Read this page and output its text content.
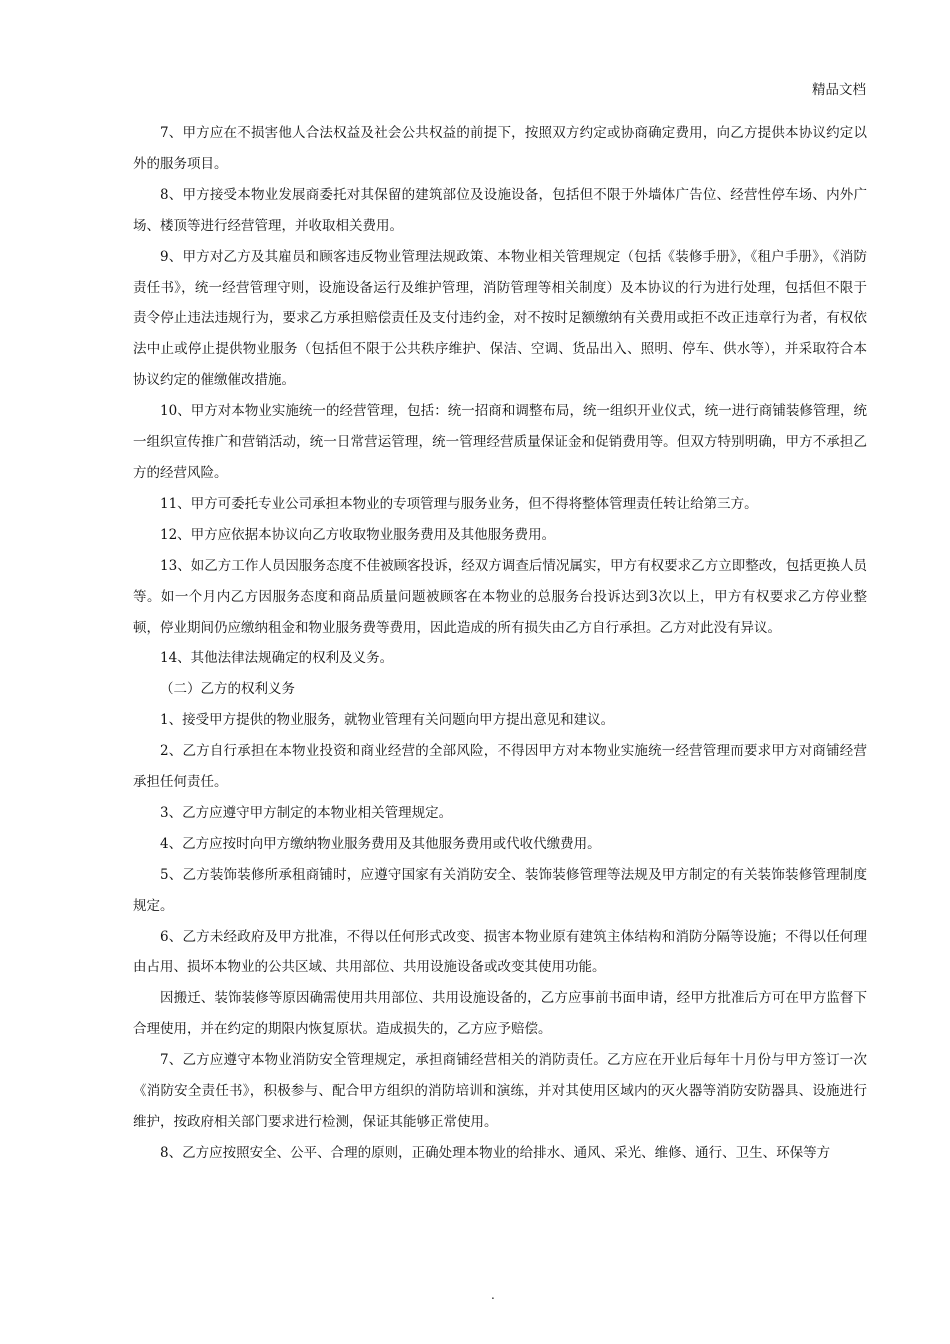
精品文档

7、甲方应在不损害他人合法权益及社会公共权益的前提下，按照双方约定或协商确定费用，向乙方提供本协议约定以外的服务项目。

8、甲方接受本物业发展商委托对其保留的建筑部位及设施设备，包括但不限于外墙体广告位、经营性停车场、内外广场、楼顶等进行经营管理，并收取相关费用。

9、甲方对乙方及其雇员和顾客违反物业管理法规政策、本物业相关管理规定（包括《装修手册》，《租户手册》，《消防责任书》，统一经营管理守则，设施设备运行及维护管理，消防管理等相关制度）及本协议的行为进行处理，包括但不限于责令停止违法违规行为，要求乙方承担赔偿责任及支付违约金，对不按时足额缴纳有关费用或拒不改正违章行为者，有权依法中止或停止提供物业服务（包括但不限于公共秩序维护、保洁、空调、货品出入、照明、停车、供水等），并采取符合本协议约定的催缴催改措施。

10、甲方对本物业实施统一的经营管理，包括：统一招商和调整布局，统一组织开业仪式，统一进行商铺装修管理，统一组织宣传推广和营销活动，统一日常营运管理，统一管理经营质量保证金和促销费用等。但双方特别明确，甲方不承担乙方的经营风险。

11、甲方可委托专业公司承担本物业的专项管理与服务业务，但不得将整体管理责任转让给第三方。

12、甲方应依据本协议向乙方收取物业服务费用及其他服务费用。

13、如乙方工作人员因服务态度不佳被顾客投诉，经双方调查后情况属实，甲方有权要求乙方立即整改，包括更换人员等。如一个月内乙方因服务态度和商品质量问题被顾客在本物业的总服务台投诉达到3次以上，甲方有权要求乙方停业整顿，停业期间仍应缴纳租金和物业服务费等费用，因此造成的所有损失由乙方自行承担。乙方对此没有异议。

14、其他法律法规确定的权利及义务。

（二）乙方的权利义务

1、接受甲方提供的物业服务，就物业管理有关问题向甲方提出意见和建议。

2、乙方自行承担在本物业投资和商业经营的全部风险，不得因甲方对本物业实施统一经营管理而要求甲方对商铺经营承担任何责任。

3、乙方应遵守甲方制定的本物业相关管理规定。

4、乙方应按时向甲方缴纳物业服务费用及其他服务费用或代收代缴费用。

5、乙方装饰装修所承租商铺时，应遵守国家有关消防安全、装饰装修管理等法规及甲方制定的有关装饰装修管理制度规定。

6、乙方未经政府及甲方批准，不得以任何形式改变、损害本物业原有建筑主体结构和消防分隔等设施；不得以任何理由占用、损坏本物业的公共区域、共用部位、共用设施设备或改变其使用功能。

因搬迁、装饰装修等原因确需使用共用部位、共用设施设备的，乙方应事前书面申请，经甲方批准后方可在甲方监督下合理使用，并在约定的期限内恢复原状。造成损失的，乙方应予赔偿。

7、乙方应遵守本物业消防安全管理规定，承担商铺经营相关的消防责任。乙方应在开业后每年十月份与甲方签订一次《消防安全责任书》，积极参与、配合甲方组织的消防培训和演练，并对其使用区域内的灭火器等消防安防器具、设施进行维护，按政府相关部门要求进行检测，保证其能够正常使用。

8、乙方应按照安全、公平、合理的原则，正确处理本物业的给排水、通风、采光、维修、通行、卫生、环保等方

.
